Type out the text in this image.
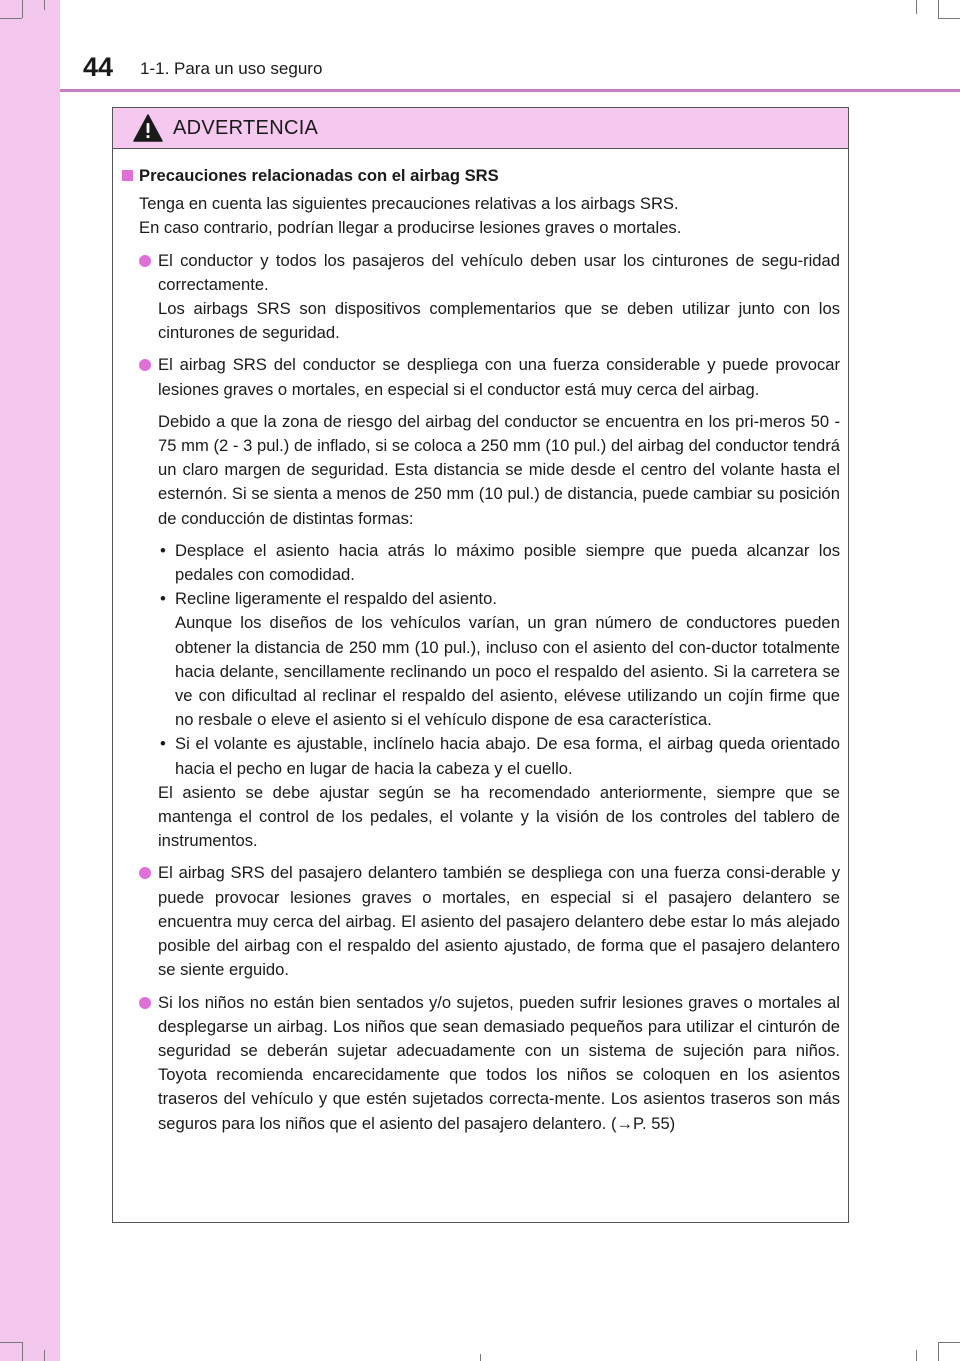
44 1-1. Para un uso seguro
ADVERTENCIA
Precauciones relacionadas con el airbag SRS
Tenga en cuenta las siguientes precauciones relativas a los airbags SRS.
En caso contrario, podrían llegar a producirse lesiones graves o mortales.
El conductor y todos los pasajeros del vehículo deben usar los cinturones de segu-ridad correctamente.
Los airbags SRS son dispositivos complementarios que se deben utilizar junto con los cinturones de seguridad.

El airbag SRS del conductor se despliega con una fuerza considerable y puede provocar lesiones graves o mortales, en especial si el conductor está muy cerca del airbag.

Debido a que la zona de riesgo del airbag del conductor se encuentra en los pri-meros 50 - 75 mm (2 - 3 pul.) de inflado, si se coloca a 250 mm (10 pul.) del airbag del conductor tendrá un claro margen de seguridad. Esta distancia se mide desde el centro del volante hasta el esternón. Si se sienta a menos de 250 mm (10 pul.) de distancia, puede cambiar su posición de conducción de distintas formas:

• Desplace el asiento hacia atrás lo máximo posible siempre que pueda alcanzar los pedales con comodidad.
• Recline ligeramente el respaldo del asiento.
Aunque los diseños de los vehículos varían, un gran número de conductores pueden obtener la distancia de 250 mm (10 pul.), incluso con el asiento del con-ductor totalmente hacia delante, sencillamente reclinando un poco el respaldo del asiento. Si la carretera se ve con dificultad al reclinar el respaldo del asiento, elévese utilizando un cojín firme que no resbale o eleve el asiento si el vehículo dispone de esa característica.
• Si el volante es ajustable, inclínelo hacia abajo. De esa forma, el airbag queda orientado hacia el pecho en lugar de hacia la cabeza y el cuello.

El asiento se debe ajustar según se ha recomendado anteriormente, siempre que se mantenga el control de los pedales, el volante y la visión de los controles del tablero de instrumentos.

El airbag SRS del pasajero delantero también se despliega con una fuerza consi-derable y puede provocar lesiones graves o mortales, en especial si el pasajero delantero se encuentra muy cerca del airbag. El asiento del pasajero delantero debe estar lo más alejado posible del airbag con el respaldo del asiento ajustado, de forma que el pasajero delantero se siente erguido.
Si los niños no están bien sentados y/o sujetos, pueden sufrir lesiones graves o mortales al desplegarse un airbag. Los niños que sean demasiado pequeños para utilizar el cinturón de seguridad se deberán sujetar adecuadamente con un sistema de sujeción para niños. Toyota recomienda encarecidamente que todos los niños se coloquen en los asientos traseros del vehículo y que estén sujetados correcta-mente. Los asientos traseros son más seguros para los niños que el asiento del pasajero delantero. (→P. 55)
